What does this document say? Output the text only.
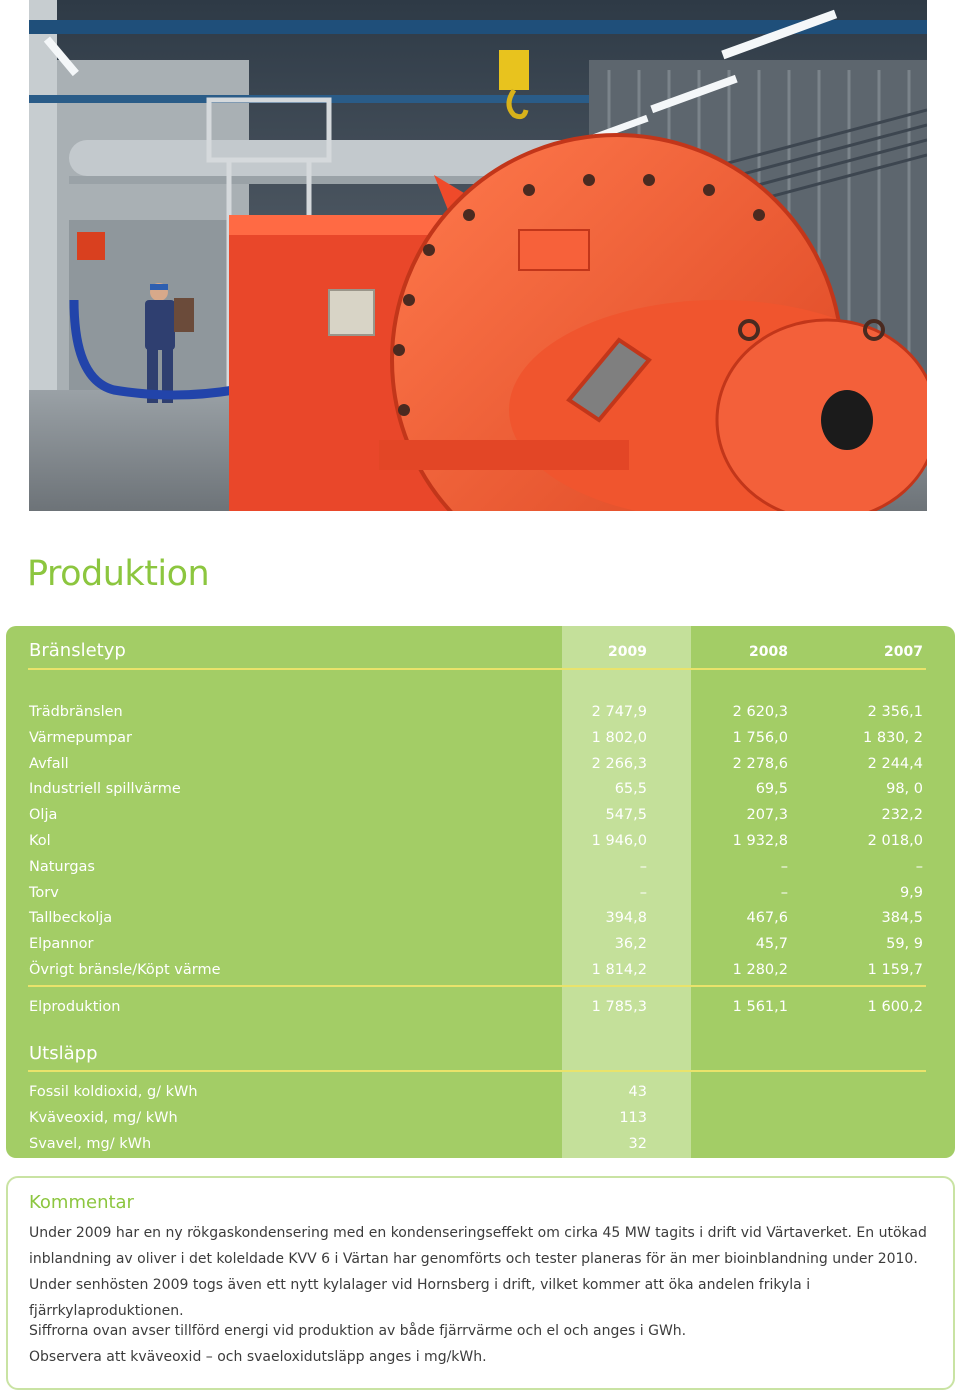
Produktion
Bränsletyp	2009	2008	2007
Trädbränslen	2 747,9	2 620,3	2 356,1
Värmepumpar	1 802,0	1 756,0	1 830, 2
Avfall	2 266,3	2 278,6	2 244,4
Industriell spillvärme	65,5	69,5	98, 0
Olja	547,5	207,3	232,2
Kol	1 946,0	1 932,8	2 018,0
Naturgas	–	–	–
Torv	–	–	9,9
Tallbeckolja	394,8	467,6	384,5
Elpannor	36,2	45,7	59, 9
Övrigt bränsle/Köpt värme	1 814,2	1 280,2	1 159,7
Elproduktion	1 785,3	1 561,1	1 600,2
Utsläpp
Fossil koldioxid, g/ kWh	43
Kväveoxid, mg/ kWh	113
Svavel, mg/ kWh	32
Kommentar

Under 2009 har en ny rökgaskondensering med en kondenseringseffekt om cirka 45 MW tagits i drift vid Värtaverket. En utökad inblandning av oliver i det koleldade KVV 6 i Värtan har genomförts och tester planeras för än mer bioinblandning under 2010. Under senhösten 2009 togs även ett nytt kylalager vid Hornsberg i drift, vilket kommer att öka andelen frikyla i fjärrkylaproduktionen.

Siffrorna ovan avser tillförd energi vid produktion av både fjärrvärme och el och anges i GWh.

Observera att kväveoxid – och svaeloxidutsläpp anges i mg/kWh.
